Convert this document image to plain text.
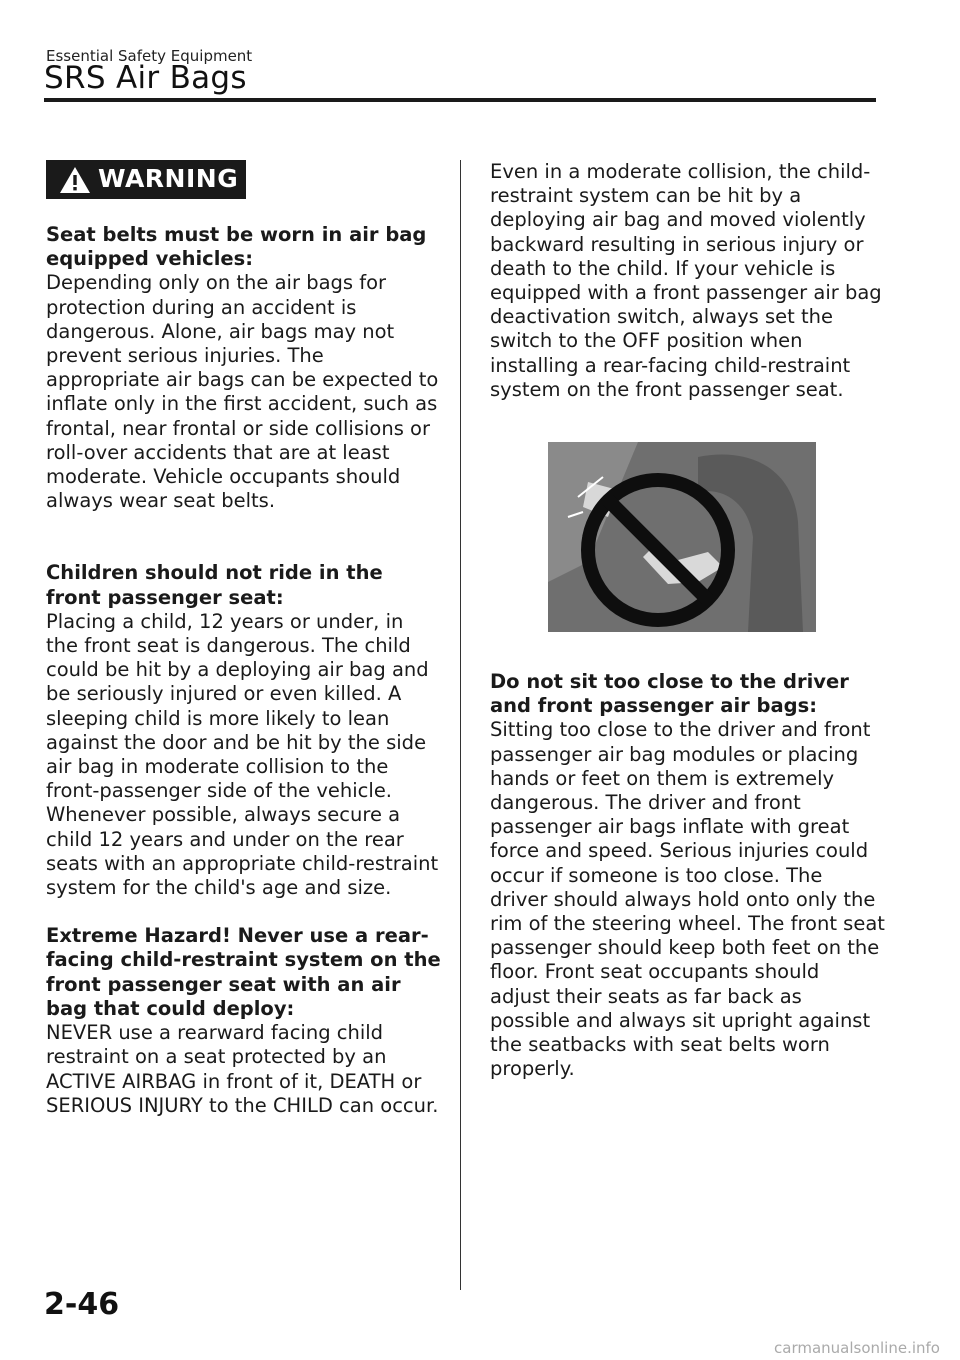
Essential Safety Equipment
SRS Air Bags
WARNING

Seat belts must be worn in air bag equipped vehicles:

Depending only on the air bags for protection during an accident is dangerous. Alone, air bags may not prevent serious injuries. The appropriate air bags can be expected to inflate only in the first accident, such as frontal, near frontal or side collisions or roll-over accidents that are at least moderate. Vehicle occupants should always wear seat belts.

Children should not ride in the front passenger seat:

Placing a child, 12 years or under, in the front seat is dangerous. The child could be hit by a deploying air bag and be seriously injured or even killed. A sleeping child is more likely to lean against the door and be hit by the side air bag in moderate collision to the front-passenger side of the vehicle.

Whenever possible, always secure a child 12 years and under on the rear seats with an appropriate child-restraint system for the child's age and size.

Extreme Hazard! Never use a rear-facing child-restraint system on the front passenger seat with an air bag that could deploy:

NEVER use a rearward facing child restraint on a seat protected by an ACTIVE AIRBAG in front of it, DEATH or SERIOUS INJURY to the CHILD can occur.

Even in a moderate collision, the child-restraint system can be hit by a deploying air bag and moved violently backward resulting in serious injury or death to the child. If your vehicle is equipped with a front passenger air bag deactivation switch, always set the switch to the OFF position when installing a rear-facing child-restraint system on the front passenger seat.

Do not sit too close to the driver and front passenger air bags:

Sitting too close to the driver and front passenger air bag modules or placing hands or feet on them is extremely dangerous. The driver and front passenger air bags inflate with great force and speed. Serious injuries could occur if someone is too close. The driver should always hold onto only the rim of the steering wheel. The front seat passenger should keep both feet on the floor. Front seat occupants should adjust their seats as far back as possible and always sit upright against the seatbacks with seat belts worn properly.

2-46
carmanualsonline.info
